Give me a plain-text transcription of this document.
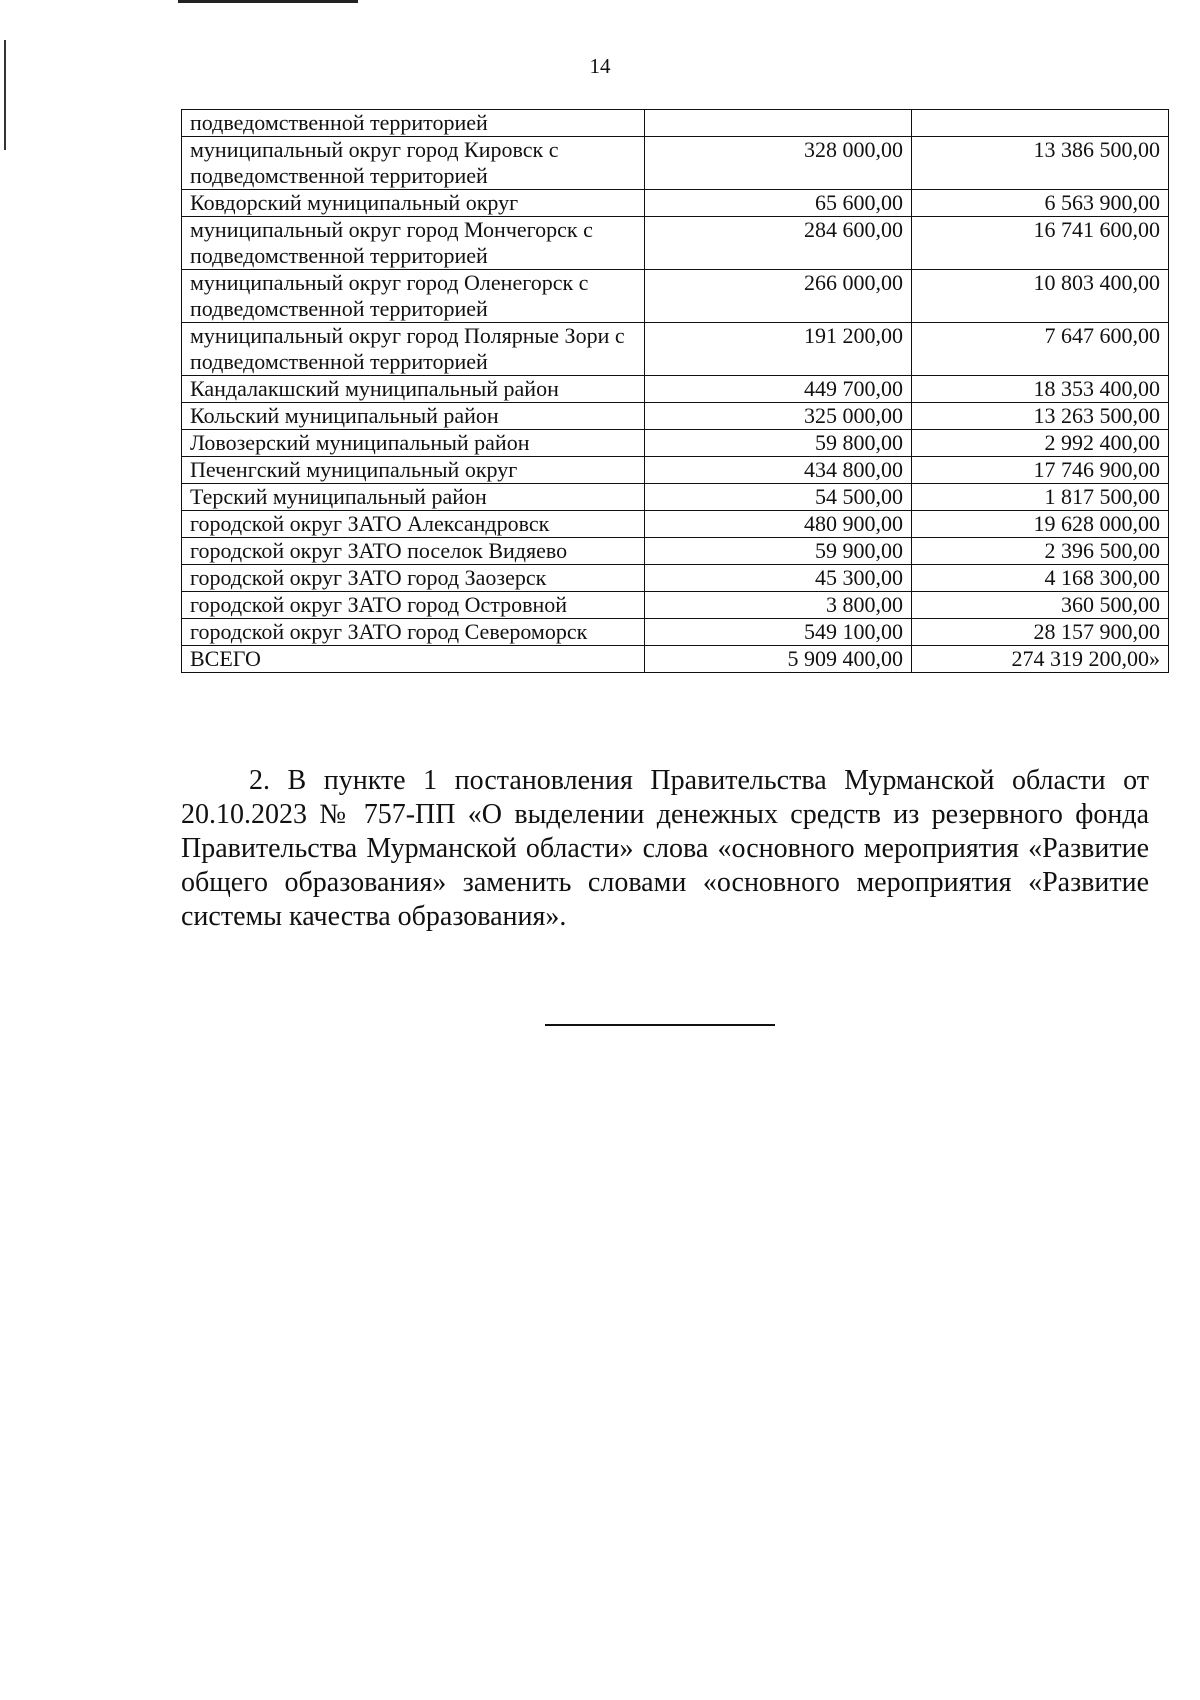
14
подведомственной территорией		
муниципальный округ город Кировск с подведомственной территорией	328 000,00	13 386 500,00
Ковдорский муниципальный округ	65 600,00	6 563 900,00
муниципальный округ город Мончегорск с подведомственной территорией	284 600,00	16 741 600,00
муниципальный округ город Оленегорск с подведомственной территорией	266 000,00	10 803 400,00
муниципальный округ город Полярные Зори с подведомственной территорией	191 200,00	7 647 600,00
Кандалакшский муниципальный район	449 700,00	18 353 400,00
Кольский муниципальный район	325 000,00	13 263 500,00
Ловозерский муниципальный район	59 800,00	2 992 400,00
Печенгский муниципальный округ	434 800,00	17 746 900,00
Терский муниципальный район	54 500,00	1 817 500,00
городской округ ЗАТО Александровск	480 900,00	19 628 000,00
городской округ ЗАТО поселок Видяево	59 900,00	2 396 500,00
городской округ ЗАТО город Заозерск	45 300,00	4 168 300,00
городской округ ЗАТО город Островной	3 800,00	360 500,00
городской округ ЗАТО город Североморск	549 100,00	28 157 900,00
ВСЕГО	5 909 400,00	274 319 200,00»
2. В пункте 1 постановления Правительства Мурманской области от 20.10.2023 № 757-ПП «О выделении денежных средств из резервного фонда Правительства Мурманской области» слова «основного мероприятия «Развитие общего образования» заменить словами «основного мероприятия «Развитие системы качества образования».
